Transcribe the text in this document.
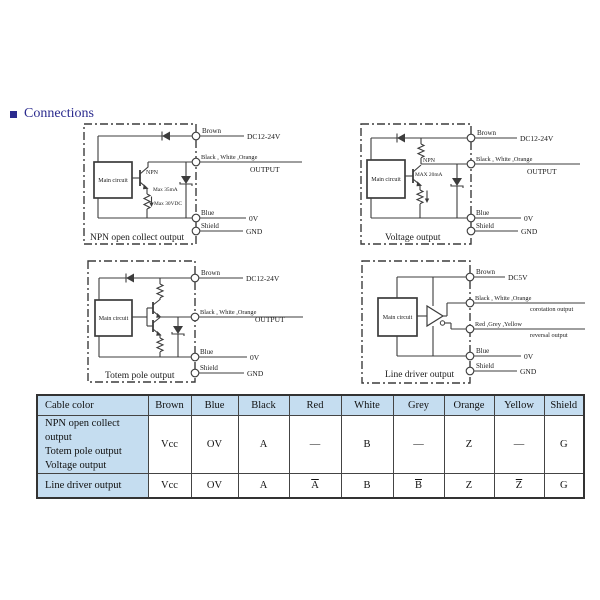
Connections
Main circuit
NPN
Max 35mA
Max 30VDC
Brown
DC12-24V
Black , White ,Orange
OUTPUT
Blue
0V
Shield
GND
NPN open collect output
Main circuit
NPN
MAX 20mA
Brown
DC12-24V
Black , White ,Orange
OUTPUT
Blue
0V
Shield
GND
Voltage output
Main circuit
Brown
DC12-24V
Black , White ,Orange
OUTPUT
Blue
0V
Shield
GND
Totem pole output
Main circuit
Brown
DC5V
Black , White ,Orange
corotation output
Red ,Grey ,Yellow
reversal output
Blue
0V
Shield
GND
Line driver output
Cable color	Brown	Blue	Black	Red	White	Grey	Orange	Yellow	Shield

NPN open collect output
Totem pole output
Voltage output	Vcc	OV	A	—	B	—	Z	—	G

Line driver output	Vcc	OV	A	$\overline{A}$	B	$\overline{B}$	Z	$\overline{Z}$	G
